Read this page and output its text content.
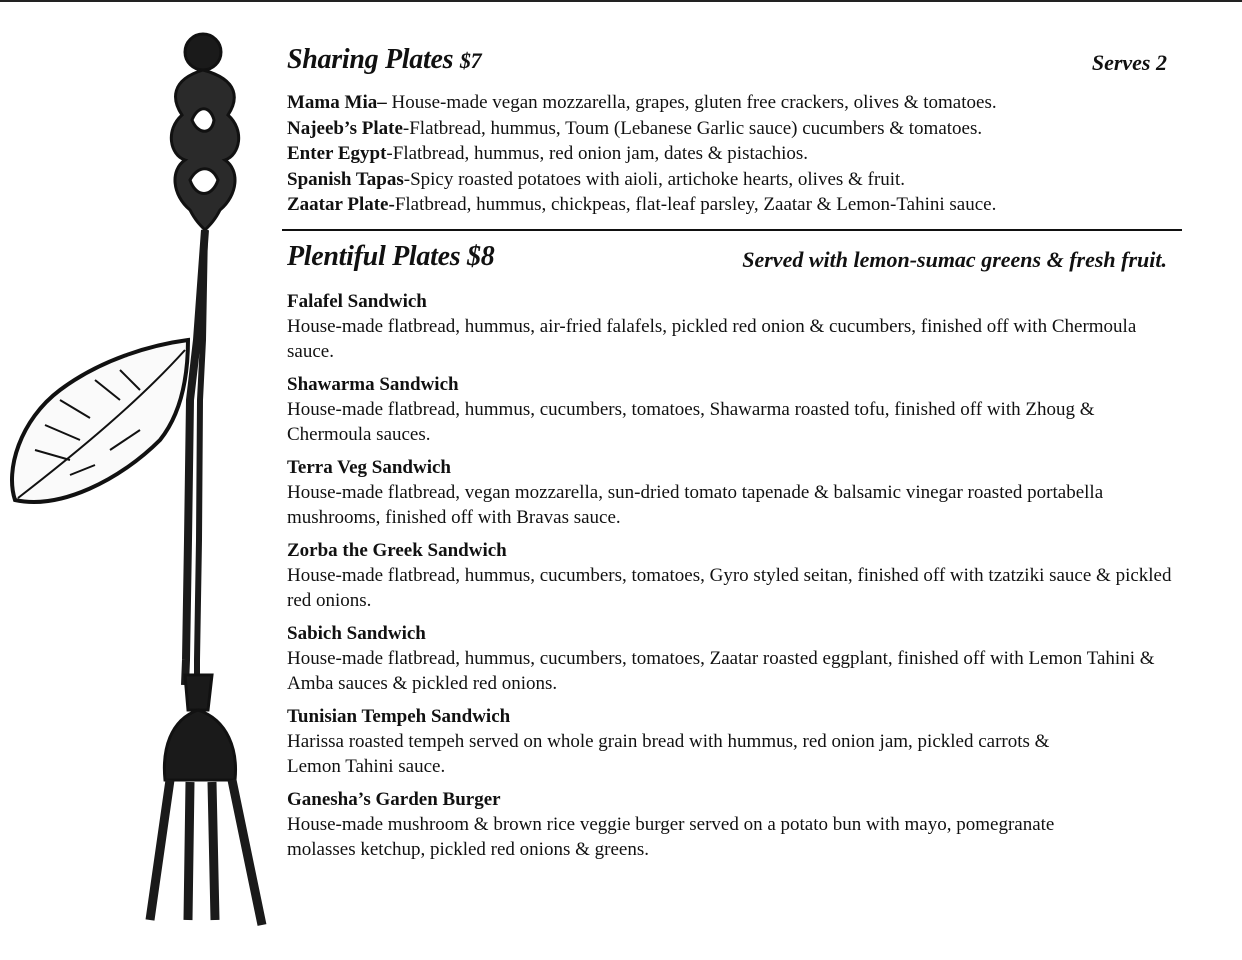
Sharing Plates $7	Serves 2
Mama Mia– House-made vegan mozzarella, grapes, gluten free crackers, olives & tomatoes.
Najeeb’s Plate-Flatbread, hummus, Toum (Lebanese Garlic sauce) cucumbers & tomatoes.
Enter Egypt-Flatbread, hummus, red onion jam, dates & pistachios.
Spanish Tapas-Spicy roasted potatoes with aioli, artichoke hearts, olives & fruit.
Zaatar Plate-Flatbread, hummus, chickpeas, flat-leaf parsley, Zaatar & Lemon-Tahini sauce.
Plentiful Plates $8	Served with lemon-sumac greens & fresh fruit.
Falafel Sandwich
House-made flatbread, hummus, air-fried falafels, pickled red onion & cucumbers, finished off with Chermoula sauce.
Shawarma Sandwich
House-made flatbread, hummus, cucumbers, tomatoes, Shawarma roasted tofu, finished off with Zhoug & Chermoula sauces.
Terra Veg Sandwich
House-made flatbread, vegan mozzarella, sun-dried tomato tapenade & balsamic vinegar roasted portabella mushrooms, finished off with Bravas sauce.
Zorba the Greek Sandwich
House-made flatbread, hummus, cucumbers, tomatoes, Gyro styled seitan, finished off with tzatziki sauce & pickled red onions.
Sabich Sandwich
House-made flatbread, hummus, cucumbers, tomatoes, Zaatar roasted eggplant, finished off with Lemon Tahini & Amba sauces & pickled red onions.
Tunisian Tempeh Sandwich
Harissa roasted tempeh served on whole grain bread with hummus, red onion jam, pickled carrots & Lemon Tahini sauce.
Ganesha’s Garden Burger
House-made mushroom & brown rice veggie burger served on a potato bun with mayo, pomegranate molasses ketchup, pickled red onions & greens.
